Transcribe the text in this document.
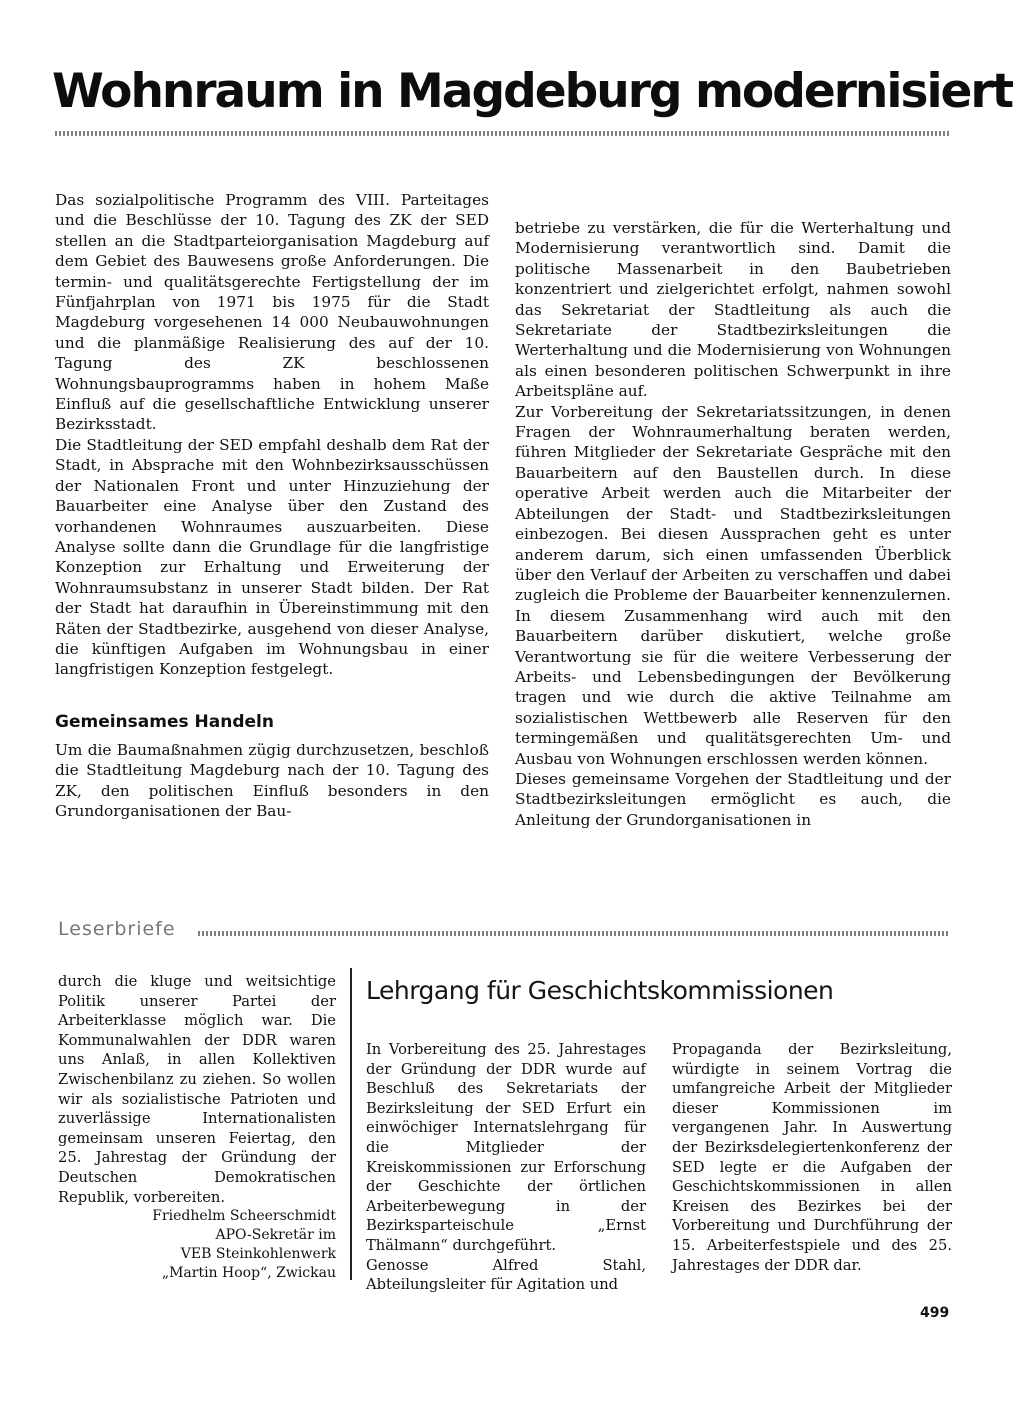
Wohnraum in Magdeburg modernisiert

Das sozialpolitische Programm des VIII. Parteitages und die Beschlüsse der 10. Tagung des ZK der SED stellen an die Stadtparteiorganisation Magdeburg auf dem Gebiet des Bauwesens große Anforderungen. Die termin- und qualitätsgerechte Fertigstellung der im Fünfjahrplan von 1971 bis 1975 für die Stadt Magdeburg vorgesehenen 14 000 Neubauwohnungen und die planmäßige Realisierung des auf der 10. Tagung des ZK beschlossenen Wohnungsbauprogramms haben in hohem Maße Einfluß auf die gesellschaftliche Entwicklung unserer Bezirksstadt.

Die Stadtleitung der SED empfahl deshalb dem Rat der Stadt, in Absprache mit den Wohnbezirksausschüssen der Nationalen Front und unter Hinzuziehung der Bauarbeiter eine Analyse über den Zustand des vorhandenen Wohnraumes auszuarbeiten. Diese Analyse sollte dann die Grundlage für die langfristige Konzeption zur Erhaltung und Erweiterung der Wohnraumsubstanz in unserer Stadt bilden. Der Rat der Stadt hat daraufhin in Übereinstimmung mit den Räten der Stadtbezirke, ausgehend von dieser Analyse, die künftigen Aufgaben im Wohnungsbau in einer langfristigen Konzeption festgelegt.

Gemeinsames Handeln

Um die Baumaßnahmen zügig durchzusetzen, beschloß die Stadtleitung Magdeburg nach der 10. Tagung des ZK, den politischen Einfluß besonders in den Grundorganisationen der Bau-

betriebe zu verstärken, die für die Werterhaltung und Modernisierung verantwortlich sind. Damit die politische Massenarbeit in den Baubetrieben konzentriert und zielgerichtet erfolgt, nahmen sowohl das Sekretariat der Stadtleitung als auch die Sekretariate der Stadtbezirksleitungen die Werterhaltung und die Modernisierung von Wohnungen als einen besonderen politischen Schwerpunkt in ihre Arbeitspläne auf.

Zur Vorbereitung der Sekretariatssitzungen, in denen Fragen der Wohnraumerhaltung beraten werden, führen Mitglieder der Sekretariate Gespräche mit den Bauarbeitern auf den Baustellen durch. In diese operative Arbeit werden auch die Mitarbeiter der Abteilungen der Stadt- und Stadtbezirksleitungen einbezogen. Bei diesen Aussprachen geht es unter anderem darum, sich einen umfassenden Überblick über den Verlauf der Arbeiten zu verschaffen und dabei zugleich die Probleme der Bauarbeiter kennenzulernen. In diesem Zusammenhang wird auch mit den Bauarbeitern darüber diskutiert, welche große Verantwortung sie für die weitere Verbesserung der Arbeits- und Lebensbedingungen der Bevölkerung tragen und wie durch die aktive Teilnahme am sozialistischen Wettbewerb alle Reserven für den termingemäßen und qualitätsgerechten Um- und Ausbau von Wohnungen erschlossen werden können.

Dieses gemeinsame Vorgehen der Stadtleitung und der Stadtbezirksleitungen ermöglicht es auch, die Anleitung der Grundorganisationen in

Leserbriefe

durch die kluge und weitsichtige Politik unserer Partei der Arbeiterklasse möglich war. Die Kommunalwahlen der DDR waren uns Anlaß, in allen Kollektiven Zwischenbilanz zu ziehen. So wollen wir als sozialistische Patrioten und zuverlässige Internationalisten gemeinsam unseren Feiertag, den 25. Jahrestag der Gründung der Deutschen Demokratischen Republik, vorbereiten.

Friedhelm Scheerschmidt
APO-Sekretär im
VEB Steinkohlenwerk
„Martin Hoop“, Zwickau
Lehrgang für Geschichtskommissionen

In Vorbereitung des 25. Jahrestages der Gründung der DDR wurde auf Beschluß des Sekretariats der Bezirksleitung der SED Erfurt ein einwöchiger Internatslehrgang für die Mitglieder der Kreiskommissionen zur Erforschung der Geschichte der örtlichen Arbeiterbewegung in der Bezirksparteischule „Ernst Thälmann“ durchgeführt.

Genosse Alfred Stahl, Abteilungsleiter für Agitation und

Propaganda der Bezirksleitung, würdigte in seinem Vortrag die umfangreiche Arbeit der Mitglieder dieser Kommissionen im vergangenen Jahr. In Auswertung der Bezirksdelegiertenkonferenz der SED legte er die Aufgaben der Geschichtskommissionen in allen Kreisen des Bezirkes bei der Vorbereitung und Durchführung der 15. Arbeiterfestspiele und des 25. Jahrestages der DDR dar.

499
